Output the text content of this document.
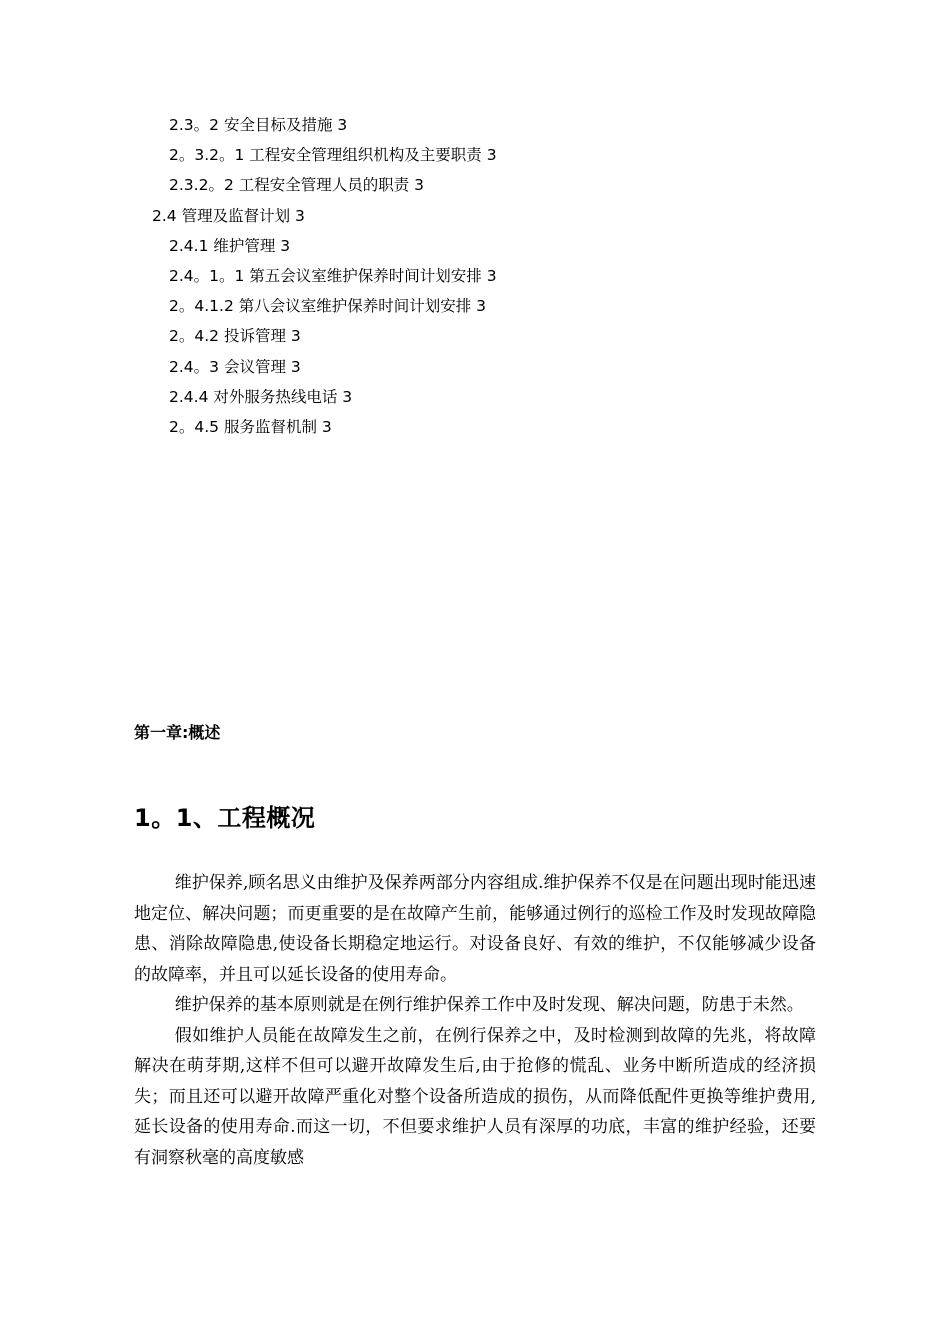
2.3。2 安全目标及措施 3
2。3.2。1 工程安全管理组织机构及主要职责 3
2.3.2。2 工程安全管理人员的职责 3
2.4 管理及监督计划 3
2.4.1 维护管理 3
2.4。1。1 第五会议室维护保养时间计划安排 3
2。4.1.2 第八会议室维护保养时间计划安排 3
2。4.2 投诉管理 3
2.4。3 会议管理 3
2.4.4 对外服务热线电话 3
2。4.5 服务监督机制 3
第一章:概述
1。1、工程概况

维护保养,顾名思义由维护及保养两部分内容组成.维护保养不仅是在问题出现时能迅速地定位、解决问题；而更重要的是在故障产生前，能够通过例行的巡检工作及时发现故障隐患、消除故障隐患,使设备长期稳定地运行。对设备良好、有效的维护，不仅能够减少设备的故障率，并且可以延长设备的使用寿命。

维护保养的基本原则就是在例行维护保养工作中及时发现、解决问题，防患于未然。

假如维护人员能在故障发生之前，在例行保养之中，及时检测到故障的先兆，将故障解决在萌芽期,这样不但可以避开故障发生后,由于抢修的慌乱、业务中断所造成的经济损失；而且还可以避开故障严重化对整个设备所造成的损伤，从而降低配件更换等维护费用,延长设备的使用寿命.而这一切，不但要求维护人员有深厚的功底，丰富的维护经验，还要有洞察秋毫的高度敏感
